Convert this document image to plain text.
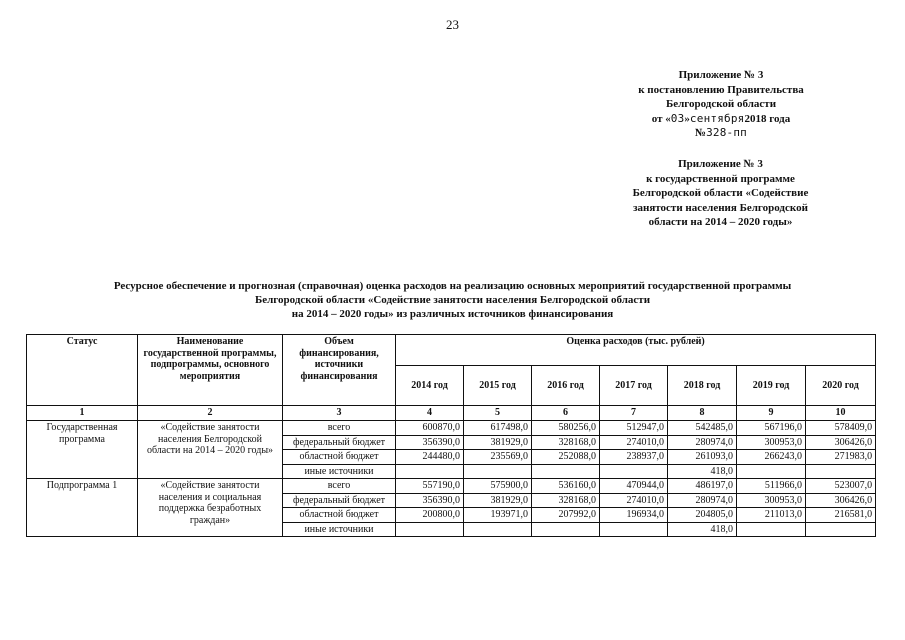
23
Приложение № 3
к постановлению Правительства
Белгородской области
от «03»сентября2018 года
№328-пп
Приложение № 3
к государственной программе
Белгородской области «Содействие
занятости населения Белгородской
области на 2014 – 2020 годы»
Ресурсное обеспечение и прогнозная (справочная) оценка расходов на реализацию основных мероприятий государственной программы
Белгородской области «Содействие занятости населения Белгородской области
на 2014 – 2020 годы» из различных источников финансирования
Статус	Наименование государственной программы, подпрограммы, основного мероприятия	Объем финансирования, источники финансирования	Оценка расходов (тыс. рублей)						
			2014 год	2015 год	2016 год	2017 год	2018 год	2019 год	2020 год
1	2	3	4	5	6	7	8	9	10
Государственная программа	«Содействие занятости населения Белгородской области на 2014 – 2020 годы»	всего	600870,0	617498,0	580256,0	512947,0	542485,0	567196,0	578409,0
		федеральный бюджет	356390,0	381929,0	328168,0	274010,0	280974,0	300953,0	306426,0
		областной бюджет	244480,0	235569,0	252088,0	238937,0	261093,0	266243,0	271983,0
		иные источники					418,0		
Подпрограмма 1	«Содействие занятости населения и социальная поддержка безработных граждан»	всего	557190,0	575900,0	536160,0	470944,0	486197,0	511966,0	523007,0
		федеральный бюджет	356390,0	381929,0	328168,0	274010,0	280974,0	300953,0	306426,0
		областной бюджет	200800,0	193971,0	207992,0	196934,0	204805,0	211013,0	216581,0
		иные источники					418,0		
